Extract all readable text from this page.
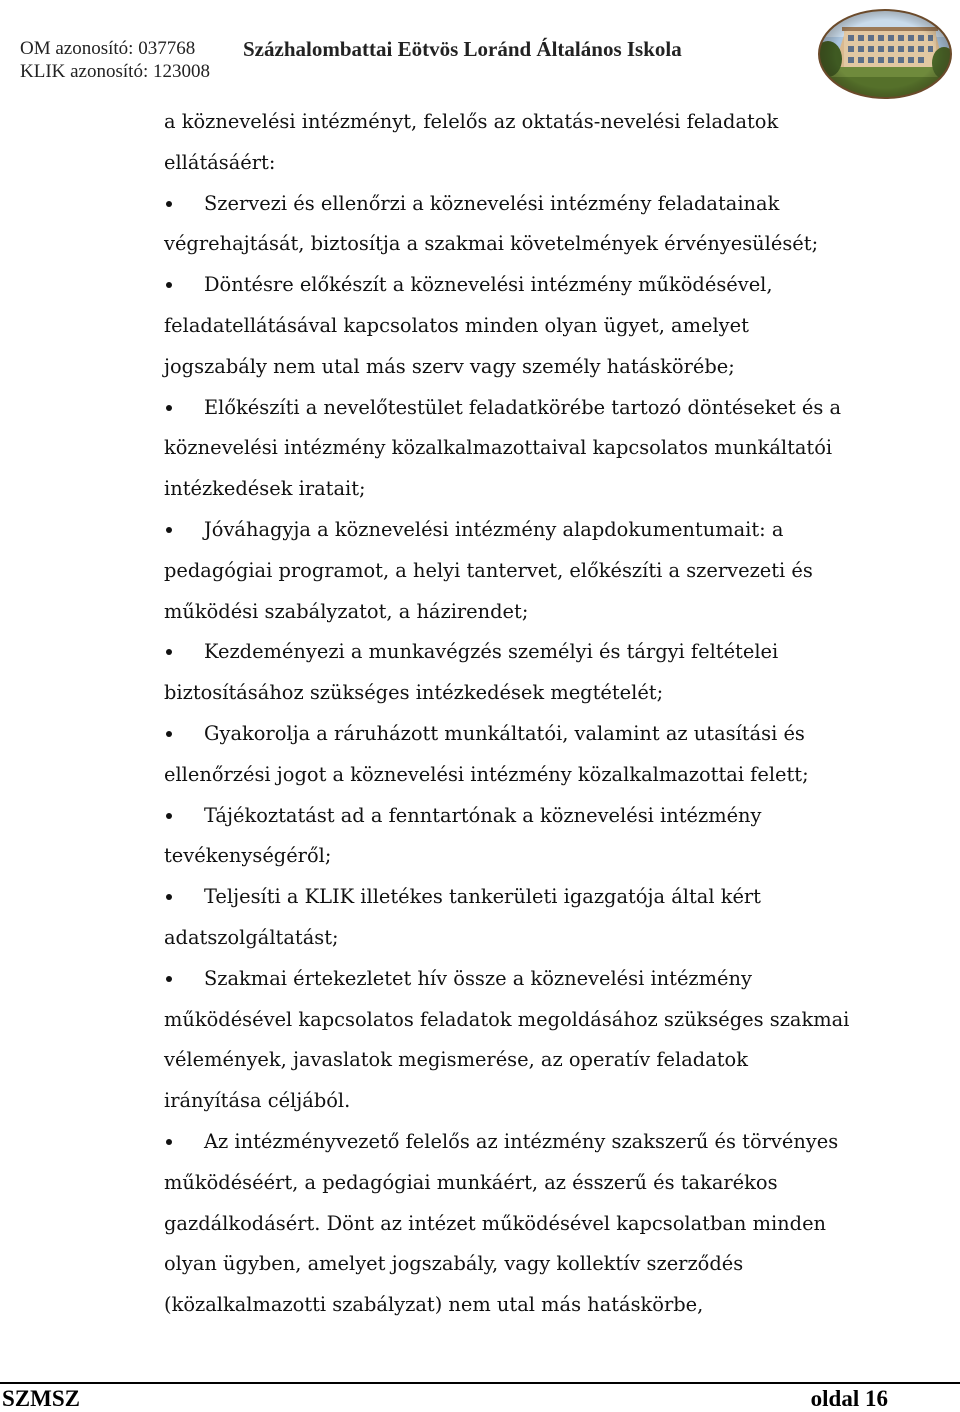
OM azonosító: 037768
KLIK azonosító: 123008
Százhalombattai Eötvös Loránd Általános Iskola
a köznevelési intézményt, felelős az oktatás-nevelési feladatok
ellátásáért:
Szervezi és ellenőrzi a köznevelési intézmény feladatainak
végrehajtását, biztosítja a szakmai követelmények érvényesülését;
Döntésre előkészít a köznevelési intézmény működésével,
feladatellátásával kapcsolatos minden olyan ügyet, amelyet
jogszabály nem utal más szerv vagy személy hatáskörébe;
Előkészíti a nevelőtestület feladatkörébe tartozó döntéseket és a
köznevelési intézmény közalkalmazottaival kapcsolatos munkáltatói
intézkedések iratait;
Jóváhagyja a köznevelési intézmény alapdokumentumait: a
pedagógiai programot, a helyi tantervet, előkészíti a szervezeti és
működési szabályzatot, a házirendet;
Kezdeményezi a munkavégzés személyi és tárgyi feltételei
biztosításához szükséges intézkedések megtételét;
Gyakorolja a ráruházott munkáltatói, valamint az utasítási és
ellenőrzési jogot a köznevelési intézmény közalkalmazottai felett;
Tájékoztatást ad a fenntartónak a köznevelési intézmény
tevékenységéről;
Teljesíti a KLIK illetékes tankerületi igazgatója által kért
adatszolgáltatást;
Szakmai értekezletet hív össze a köznevelési intézmény
működésével kapcsolatos feladatok megoldásához szükséges szakmai
vélemények, javaslatok megismerése, az operatív feladatok
irányítása céljából.
Az intézményvezető felelős az intézmény szakszerű és törvényes
működéséért, a pedagógiai munkáért, az ésszerű és takarékos
gazdálkodásért. Dönt az intézet működésével kapcsolatban minden
olyan ügyben, amelyet jogszabály, vagy kollektív szerződés
(közalkalmazotti szabályzat) nem utal más hatáskörbe,
SZMSZ	oldal 16
